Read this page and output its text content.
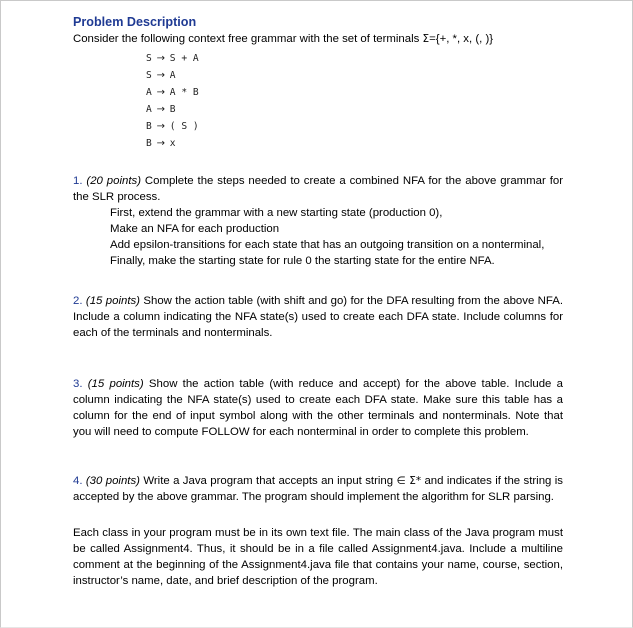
Problem Description
Consider the following context free grammar with the set of terminals Σ={+, *, x, (, )}
S → S + A
S → A
A → A * B
A → B
B → ( S )
B → x
1. (20 points) Complete the steps needed to create a combined NFA for the above grammar for the SLR process.
First, extend the grammar with a new starting state (production 0),
Make an NFA for each production
Add epsilon-transitions for each state that has an outgoing transition on a nonterminal,
Finally, make the starting state for rule 0 the starting state for the entire NFA.
2. (15 points) Show the action table (with shift and go) for the DFA resulting from the above NFA. Include a column indicating the NFA state(s) used to create each DFA state. Include columns for each of the terminals and nonterminals.
3. (15 points) Show the action table (with reduce and accept) for the above table. Include a column indicating the NFA state(s) used to create each DFA state. Make sure this table has a column for the end of input symbol along with the other terminals and nonterminals. Note that you will need to compute FOLLOW for each nonterminal in order to complete this problem.
4. (30 points) Write a Java program that accepts an input string ∈ Σ* and indicates if the string is accepted by the above grammar. The program should implement the algorithm for SLR parsing.
Each class in your program must be in its own text file. The main class of the Java program must be called Assignment4. Thus, it should be in a file called Assignment4.java. Include a multiline comment at the beginning of the Assignment4.java file that contains your name, course, section, instructor’s name, date, and brief description of the program.
